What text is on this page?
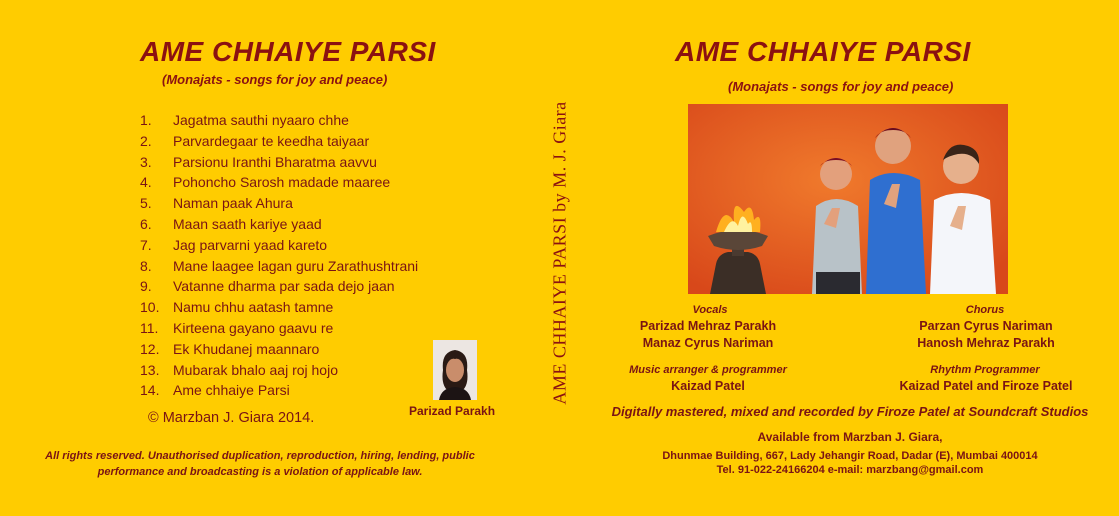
AME CHHAIYE PARSI
(Monajats - songs for joy and peace)
1. Jagatma sauthi nyaaro chhe
2. Parvardegaar te keedha taiyaar
3. Parsionu Iranthi Bharatma aavvu
4. Pohoncho Sarosh madade maaree
5. Naman paak Ahura
6. Maan saath kariye yaad
7. Jag parvarni yaad kareto
8. Mane laagee lagan guru Zarathushtrani
9. Vatanne dharma par sada dejo jaan
10. Namu chhu aatash tamne
11. Kirteena gayano gaavu re
12. Ek Khudanej maannaro
13. Mubarak bhalo aaj roj hojo
14. Ame chhaiye Parsi
© Marzban J. Giara 2014.
All rights reserved. Unauthorised duplication, reproduction, hiring, lending, public
performance and broadcasting is a violation of applicable law.
Parizad Parakh
AME CHHAIYE PARSI by M. J. Giara
AME CHHAIYE PARSI
(Monajats - songs for joy and peace)
Vocals
Parizad Mehraz Parakh
Manaz Cyrus Nariman
Chorus
Parzan Cyrus Nariman
Hanosh Mehraz Parakh
Music arranger & programmer
Kaizad Patel
Rhythm Programmer
Kaizad Patel and Firoze Patel
Digitally mastered, mixed and recorded by Firoze Patel at Soundcraft Studios
Available from Marzban J. Giara,
Dhunmae Building, 667, Lady Jehangir Road, Dadar (E), Mumbai 400014
Tel. 91-022-24166204 e-mail: marzbang@gmail.com
